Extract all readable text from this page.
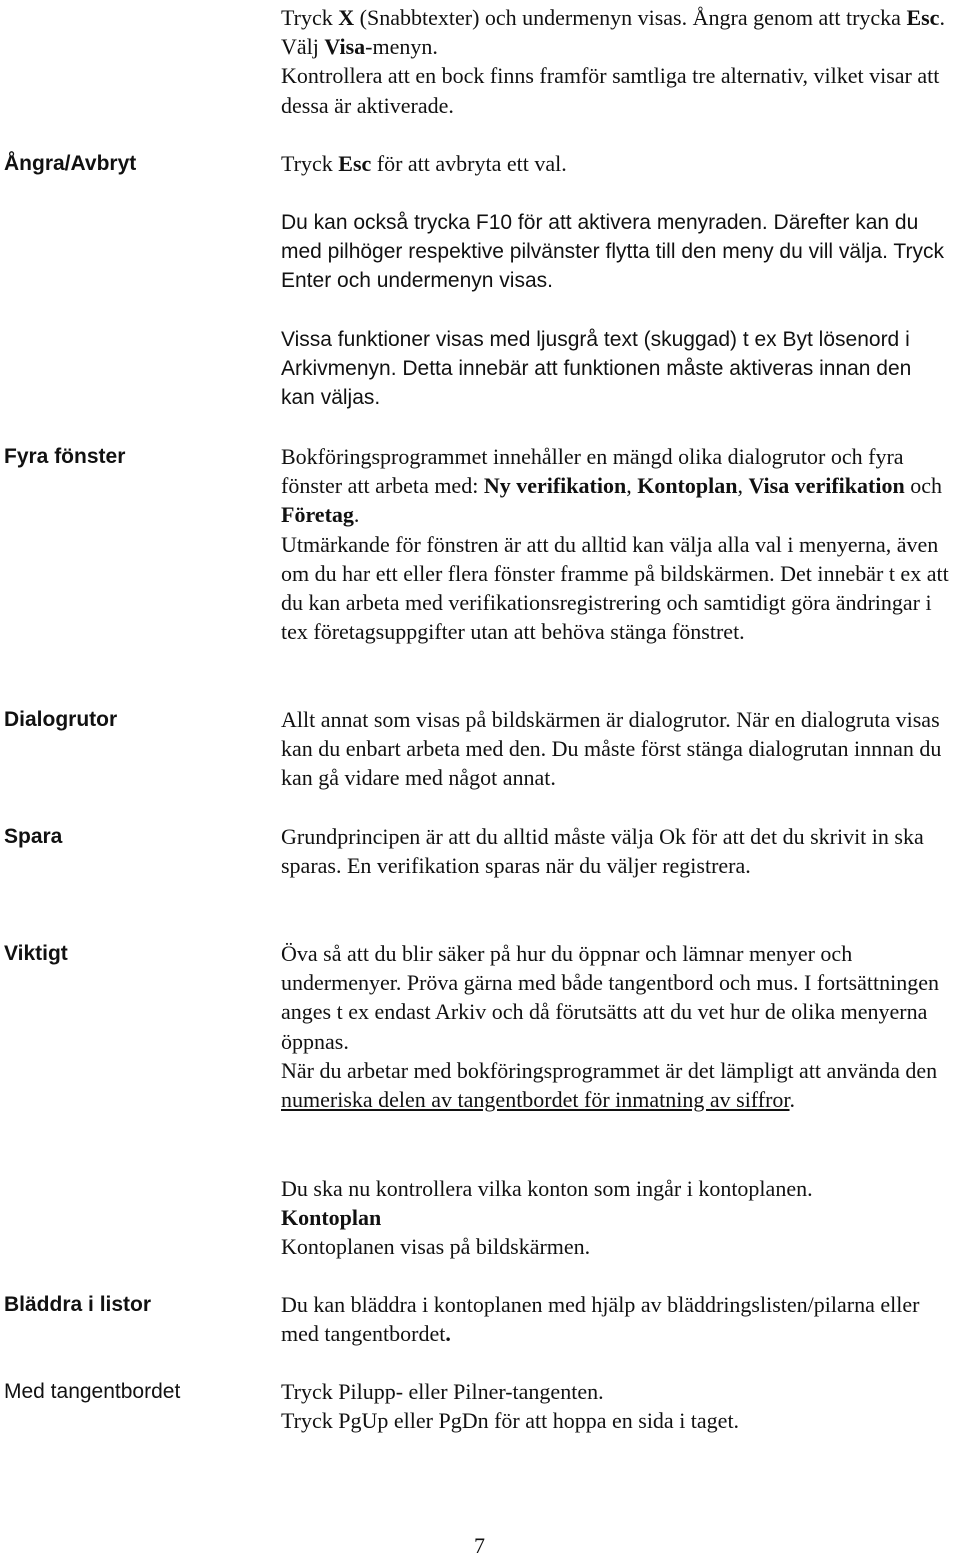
Tryck X (Snabbtexter) och undermenyn visas. Ångra genom att trycka Esc. Välj Visa-menyn.
Kontrollera att en bock finns framför samtliga tre alternativ, vilket visar att dessa är aktiverade.

Ångra/Avbryt	Tryck Esc för att avbryta ett val.

Du kan också trycka F10 för att aktivera menyraden. Därefter kan du med pilhöger respektive pilvänster flytta till den meny du vill välja. Tryck Enter och undermenyn visas.

Vissa funktioner visas med ljusgrå text (skuggad) t ex Byt lösenord i Arkivmenyn. Detta innebär att funktionen måste aktiveras innan den kan väljas.

Fyra fönster	Bokföringsprogrammet innehåller en mängd olika dialogrutor och fyra fönster att arbeta med: Ny verifikation, Kontoplan, Visa verifikation och Företag.
Utmärkande för fönstren är att du alltid kan välja alla val i menyerna, även om du har ett eller flera fönster framme på bildskärmen. Det innebär t ex att du kan arbeta med verifikationsregistrering och samtidigt göra ändringar i tex företagsuppgifter utan att behöva stänga fönstret.

Dialogrutor	Allt annat som visas på bildskärmen är dialogrutor. När en dialogruta visas kan du enbart arbeta med den. Du måste först stänga dialogrutan innnan du kan gå vidare med något annat.

Spara	Grundprincipen är att du alltid måste välja Ok för att det du skrivit in ska sparas. En verifikation sparas när du väljer registrera.

Viktigt	Öva så att du blir säker på hur du öppnar och lämnar menyer och undermenyer. Pröva gärna med både tangentbord och mus. I fortsättningen anges t ex endast Arkiv och då förutsätts att du vet hur de olika menyerna öppnas.
När du arbetar med bokföringsprogrammet är det lämpligt att använda den numeriska delen av tangentbordet för inmatning av siffror.

Du ska nu kontrollera vilka konton som ingår i kontoplanen.
Kontoplan
Kontoplanen visas på bildskärmen.

Bläddra i listor	Du kan bläddra i kontoplanen med hjälp av bläddringslisten/pilarna eller med tangentbordet.

Med tangentbordet	Tryck Pilupp- eller Pilner-tangenten.
Tryck PgUp eller PgDn för att hoppa en sida i taget.

7
